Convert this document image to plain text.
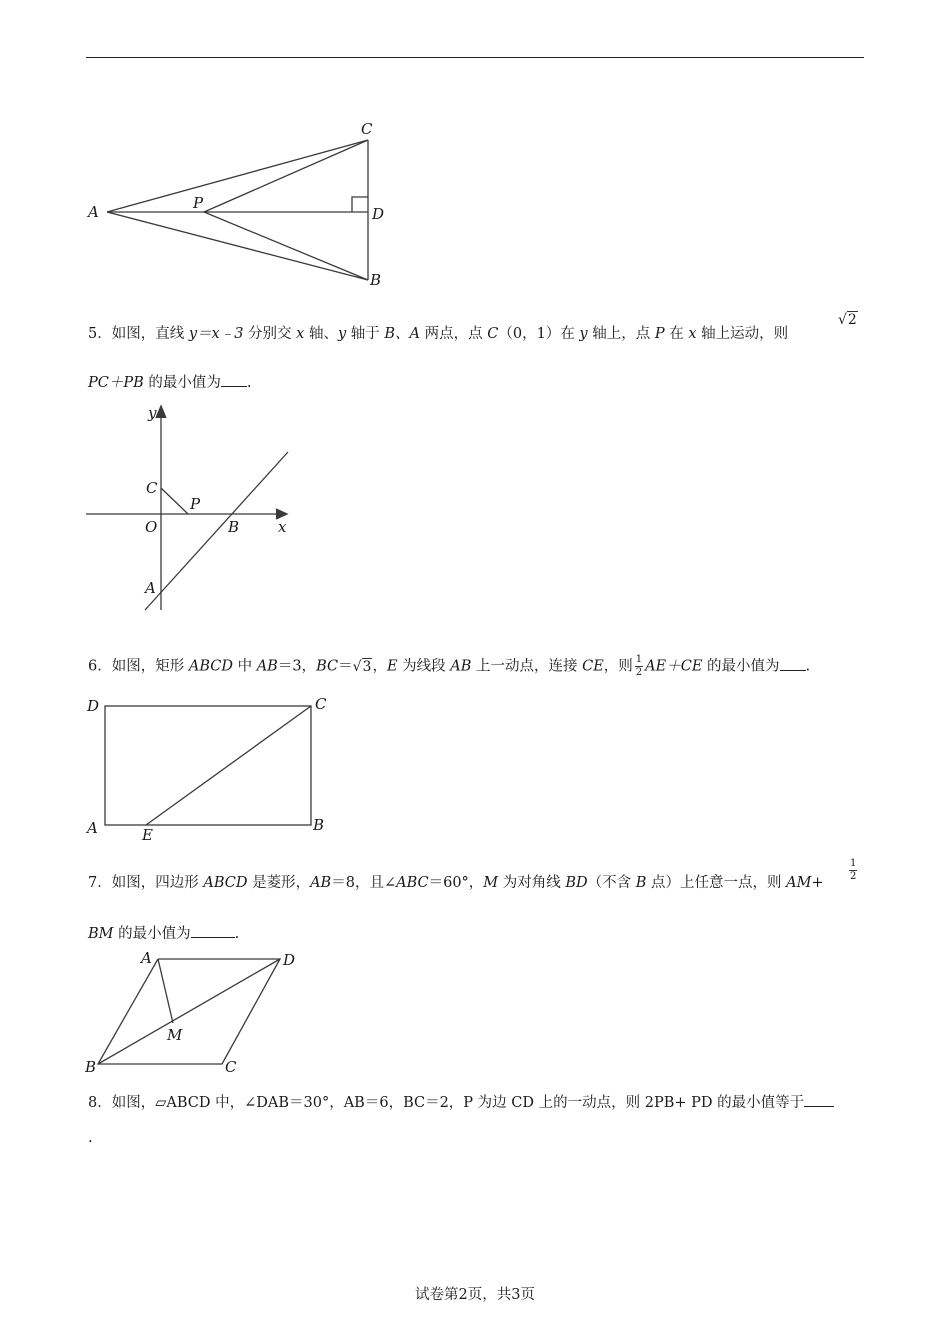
A	P
C
D
B
5．如图，直线 y＝x﹣3 分别交 x 轴、y 轴于 B、A 两点，点 C（0，1）在 y 轴上，点 P 在 x 轴上运动，则
√2
PC＋PB 的最小值为 .
y
x
C
P
O	B
A
6．如图，矩形 ABCD 中 AB＝3，BC＝√3，E 为线段 AB 上一动点，连接 CE，则 $\frac{1}{2} AE+CE$ 的最小值为 .
D	C
A	E
B
7．如图，四边形 ABCD 是菱形，AB＝8，且∠ABC＝60°，M 为对角线 BD（不含 B 点）上任意一点，则 AM+	$\frac{1}{2}$
BM 的最小值为	.
A	D
M
B	C
8．如图，▱ABCD 中，∠DAB＝30°，AB＝6，BC＝2，P 为边 CD 上的一动点，则 2PB+ PD 的最小值等于
.
试卷第2页，共3页
